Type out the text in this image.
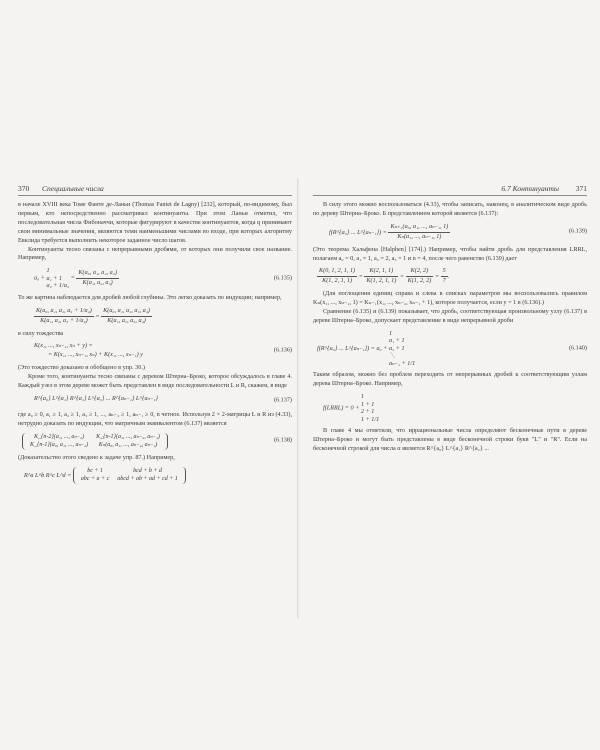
370 Специальные числа

в начале XVIII века Томе Фанте де-Ланьи (Thomas Fantet de Lagny) [232], который, по-видимому, был первым, кто непосредственно рассматривал континуанты. При этом Ланьи отметил, что последовательная числа Фибоначчи, которые фигурируют в качестве континуантов, когда q принимают свои минимальные значения, являются теми наименьшими числами во входе, при которых алгоритму Евклида требуется выполнить некоторое заданное число шагов.

Континуанты тесно связаны с непрерывными дробями, от которых они получили свое название. Например,

a₀ +
1
a₁ + 1
a₂ + 1/a₃
= $\frac{\text{K(a₀, a₁, a₂, a₃)}}{\text{K(a₁, a₂, a₃)}}$	(6.135)

То же картина наблюдается для дробей любой глубины. Это легко доказать по индукции; например,

$\frac{\text{K(a₀, a₁, a₂, a₃ + 1/a₄)}}{\text{K(a₁, a₂, a₃ + 1/a₄)}} = \frac{\text{K(a₀, a₁, a₂, a₃, a₄)}}{\text{K(a₁, a₂, a₃, a₄)}}$

в силу тождества

K(x₁, ..., xₙ₋₁, xₙ + y) =
= K(x₁, ..., xₙ₋₁, xₙ) + K(x₁, ..., xₙ₋₁) y
(6.136)

(Это тождество доказано и обобщено в упр. 30.)

Кроме того, континуанты тесно связаны с деревом Штерна–Броко, которое обсуждалось в главе 4. Каждый узел в этом дереве может быть представлен в виде последовательности L и R, скажем, в виде

R^{a₀} L^{a₁} R^{a₂} L^{a₃} ... R^{aₙ₋₂} L^{aₙ₋₁}	(6.137)

где a₀ ≥ 0, a₁ ≥ 1, a₂ ≥ 1, a₃ ≥ 1, ..., aₙ₋₂ ≥ 1, aₙ₋₁ ≥ 0, n четное. Используя 2 × 2-матрицы L и R из (4.33), нетрудно доказать по индукции, что матричным эквивалентом (6.137) является

K_{n-2}(a₁, ..., aₙ₋₂)	K_{n-1}(a₁, ..., aₙ₋₂, aₙ₋₁)
K_{n-1}(a₀, a₁, ..., aₙ₋₂)	Kₙ(a₀, a₁, ..., aₙ₋₂, aₙ₋₁)
(6.138)

(Доказательство этого сведено к задаче упр. 87.) Например,

R^a L^b R^c L^d =
bc + 1	bcd + b + d
abc + a + c	abcd + ab + ad + cd + 1
6.7 Континуанты 371

В силу этого можно воспользоваться (4.33), чтобы записать, наконец, в аналитическом виде дробь по дереву Штерна–Броко. Б представлением которой является (6.137):

f(R^{a₀} ... L^{aₙ₋₁}) = $\frac{\text{Kₙ₊₁(a₀, a₁, ..., aₙ₋₁, 1)}}{\text{Kₙ(a₁, ..., aₙ₋₁, 1)}}$	(6.139)

(Это теорема Хальфена [Halphen] [174].) Например, чтобы найти дробь для представления LRRL, полагаем a₀ = 0, a₁ = 1, a₂ = 2, a₃ = 1 и n = 4, после чего равенство (6.139) дает

$\frac{K(0, 1, 2, 1, 1)}{K(1, 2, 1, 1)} = \frac{K(2, 1, 1)}{K(1, 2, 1, 1)} = \frac{K(2, 2)}{K(1, 2, 2)} = \frac{5}{7}$ .

(Для поглощения единиц справа и слева в списках параметров мы воспользовались правилом Kₙ(x₁, ..., xₙ₋₁, 1) = Kₙ₋₁(x₁, ..., xₙ₋₂, xₙ₋₁ + 1), которое получается, если y = 1 в (6.136).)

Сравнение (6.135) и (6.139) показывает, что дробь, соответствующая произвольному узлу (6.137) в дереве Штерна–Броко, допускает представление в виде непрерывной дроби

f(R^{a₀} ... L^{aₙ₋₁}) = a₀ +
1
a₁ + 1
a₂ + 1
⋱
aₙ₋₁ + 1/1
(6.140)

Таким образом, можно без проблем переходить от непрерывных дробей к соответствующим узлам дерева Штерна–Броко. Например,

f(LRRL) = 0 +
1
1 + 1
2 + 1
1 + 1/1

В главе 4 мы отметили, что иррациональные числа определяют бесконечные пути в дереве Штерна–Броко и могут быть представлены в виде бесконечной строки букв "L" и "R". Если на бесконечной строкой для числа α является R^{a₀} L^{a₁} R^{a₂} ...
